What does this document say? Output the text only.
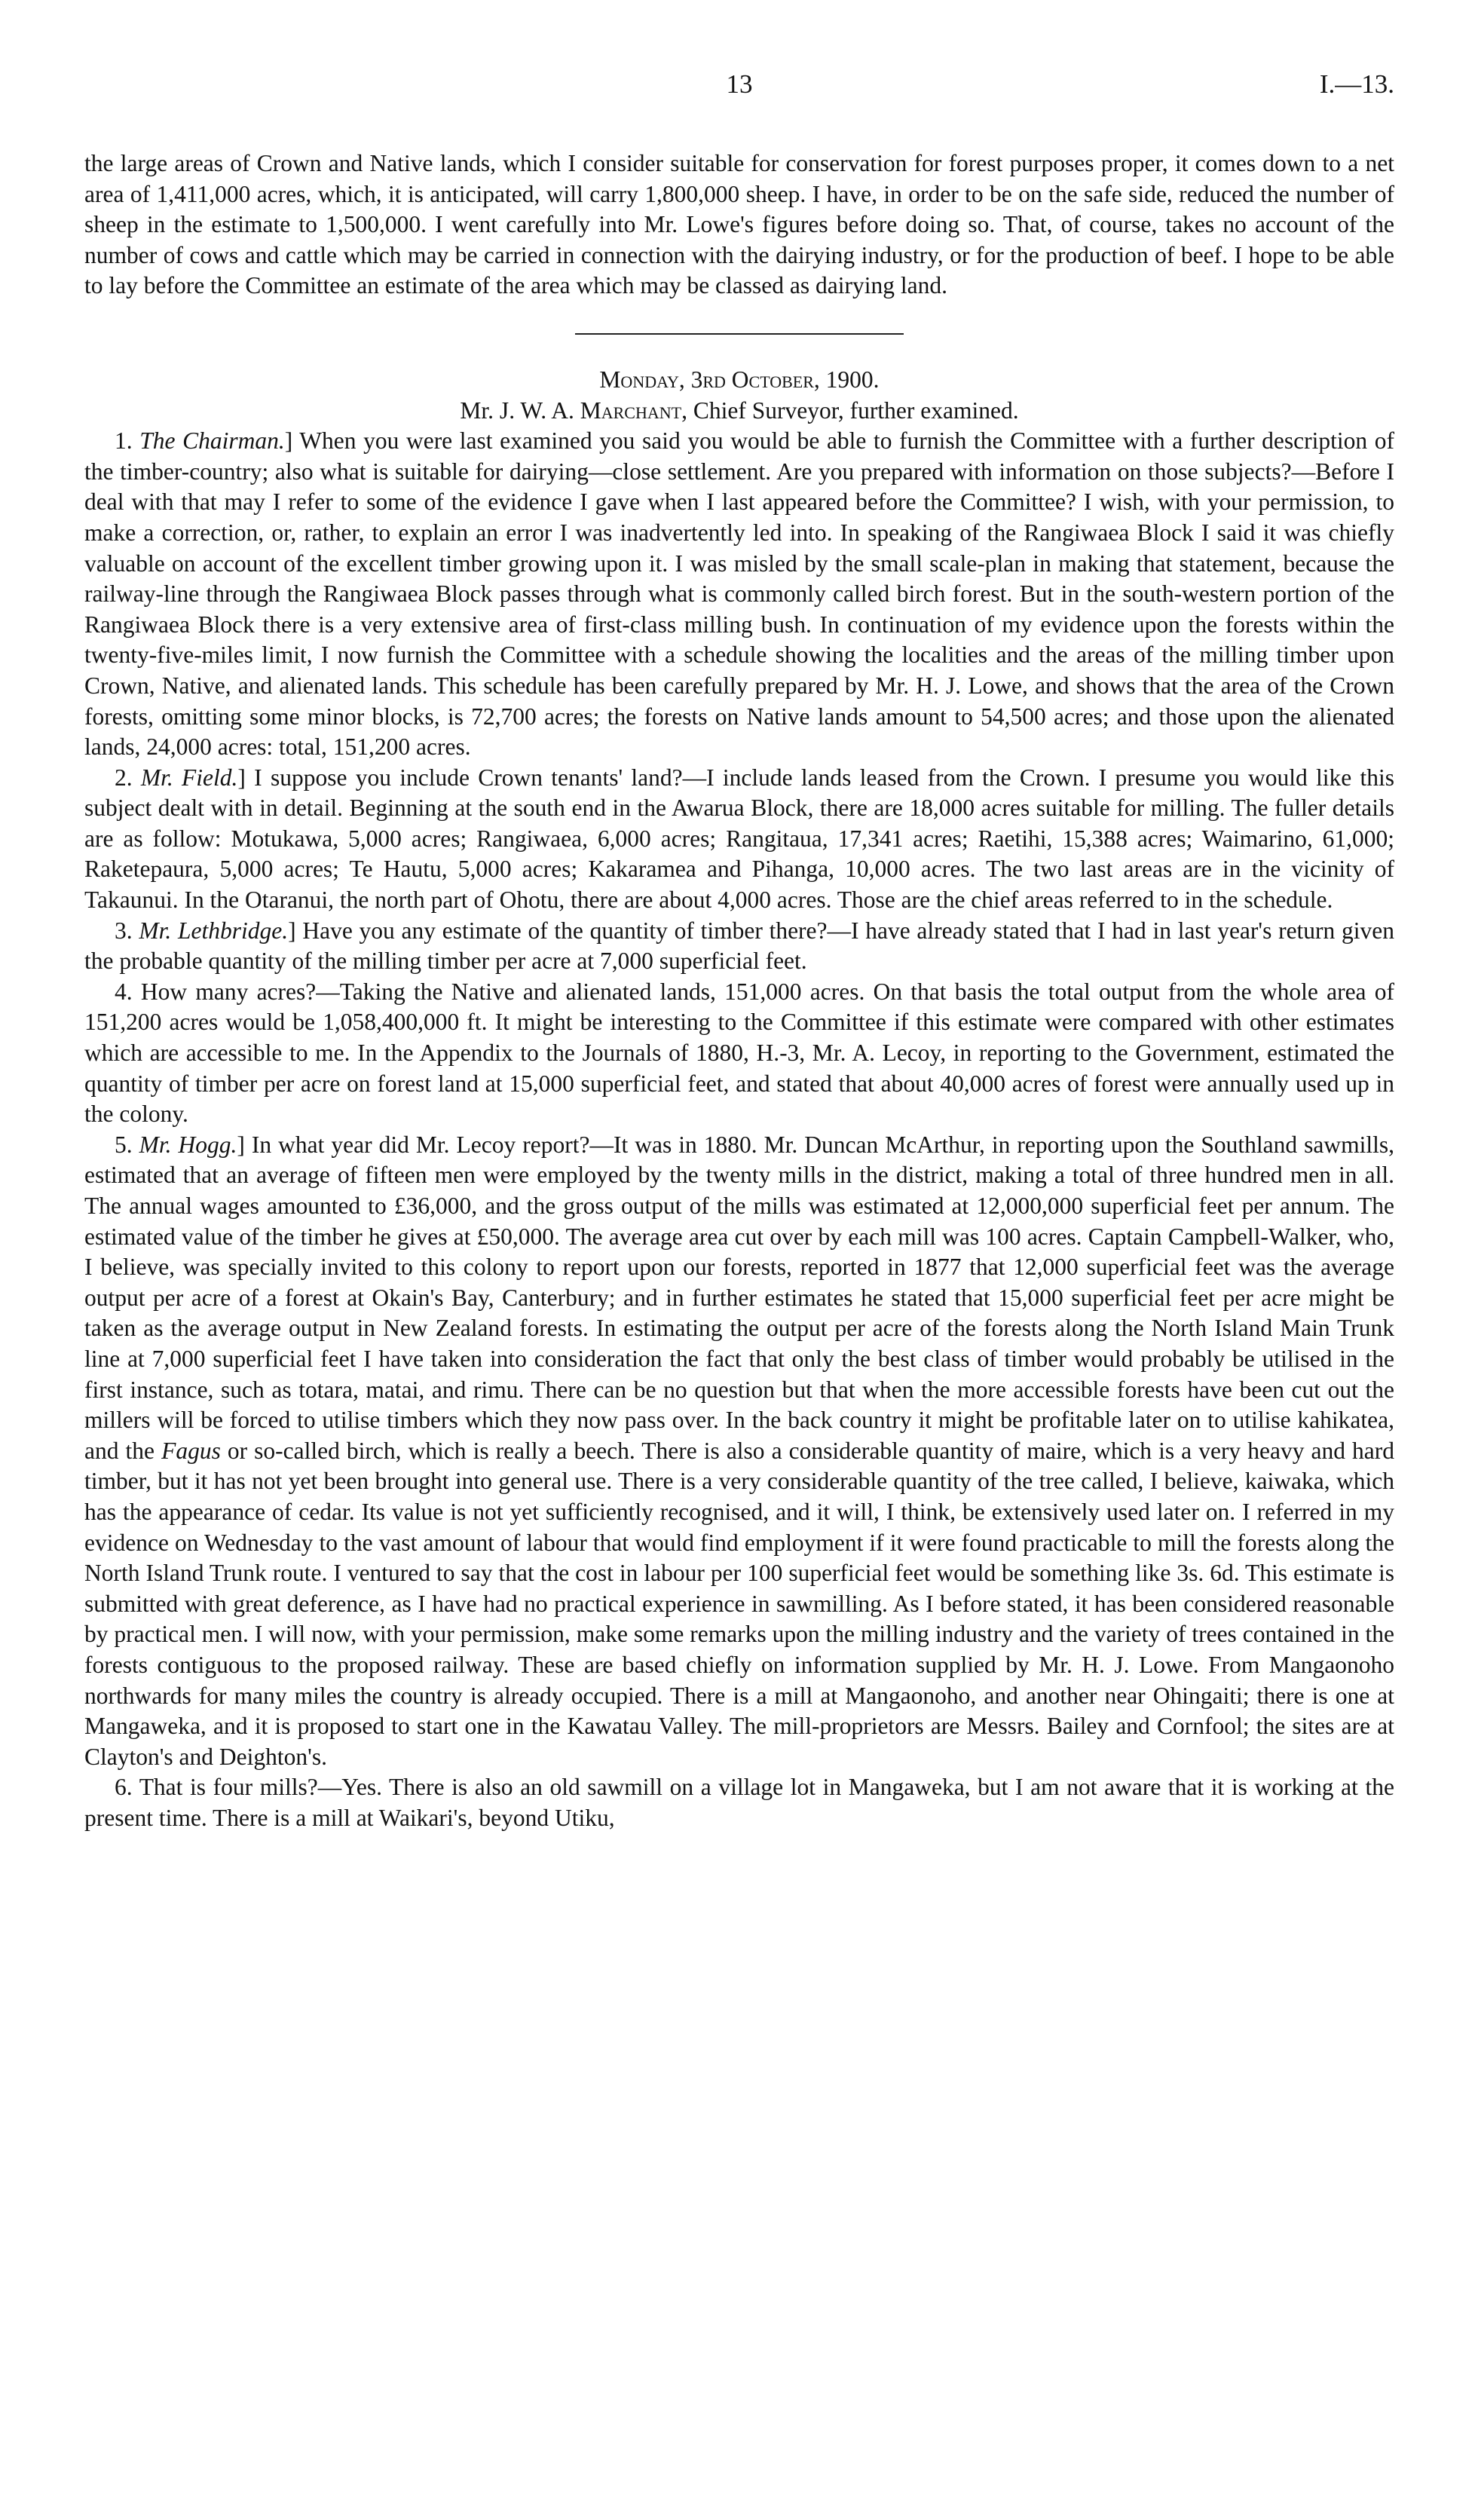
13	I.—13.

the large areas of Crown and Native lands, which I consider suitable for conservation for forest purposes proper, it comes down to a net area of 1,411,000 acres, which, it is anticipated, will carry 1,800,000 sheep. I have, in order to be on the safe side, reduced the number of sheep in the estimate to 1,500,000. I went carefully into Mr. Lowe's figures before doing so. That, of course, takes no account of the number of cows and cattle which may be carried in connection with the dairying industry, or for the production of beef. I hope to be able to lay before the Committee an estimate of the area which may be classed as dairying land.

Monday, 3rd October, 1900.

Mr. J. W. A. Marchant, Chief Surveyor, further examined.

1. The Chairman.] When you were last examined you said you would be able to furnish the Committee with a further description of the timber-country; also what is suitable for dairying—close settlement. Are you prepared with information on those subjects?—Before I deal with that may I refer to some of the evidence I gave when I last appeared before the Committee? I wish, with your permission, to make a correction, or, rather, to explain an error I was inadvertently led into. In speaking of the Rangiwaea Block I said it was chiefly valuable on account of the excellent timber growing upon it. I was misled by the small scale-plan in making that statement, because the railway-line through the Rangiwaea Block passes through what is commonly called birch forest. But in the south-western portion of the Rangiwaea Block there is a very extensive area of first-class milling bush. In continuation of my evidence upon the forests within the twenty-five-miles limit, I now furnish the Committee with a schedule showing the localities and the areas of the milling timber upon Crown, Native, and alienated lands. This schedule has been carefully prepared by Mr. H. J. Lowe, and shows that the area of the Crown forests, omitting some minor blocks, is 72,700 acres; the forests on Native lands amount to 54,500 acres; and those upon the alienated lands, 24,000 acres: total, 151,200 acres.

2. Mr. Field.] I suppose you include Crown tenants' land?—I include lands leased from the Crown. I presume you would like this subject dealt with in detail. Beginning at the south end in the Awarua Block, there are 18,000 acres suitable for milling. The fuller details are as follow: Motukawa, 5,000 acres; Rangiwaea, 6,000 acres; Rangitaua, 17,341 acres; Raetihi, 15,388 acres; Waimarino, 61,000; Raketepaura, 5,000 acres; Te Hautu, 5,000 acres; Kakaramea and Pihanga, 10,000 acres. The two last areas are in the vicinity of Takaunui. In the Otaranui, the north part of Ohotu, there are about 4,000 acres. Those are the chief areas referred to in the schedule.

3. Mr. Lethbridge.] Have you any estimate of the quantity of timber there?—I have already stated that I had in last year's return given the probable quantity of the milling timber per acre at 7,000 superficial feet.

4. How many acres?—Taking the Native and alienated lands, 151,000 acres. On that basis the total output from the whole area of 151,200 acres would be 1,058,400,000 ft. It might be interesting to the Committee if this estimate were compared with other estimates which are accessible to me. In the Appendix to the Journals of 1880, H.-3, Mr. A. Lecoy, in reporting to the Government, estimated the quantity of timber per acre on forest land at 15,000 superficial feet, and stated that about 40,000 acres of forest were annually used up in the colony.

5. Mr. Hogg.] In what year did Mr. Lecoy report?—It was in 1880. Mr. Duncan McArthur, in reporting upon the Southland sawmills, estimated that an average of fifteen men were employed by the twenty mills in the district, making a total of three hundred men in all. The annual wages amounted to £36,000, and the gross output of the mills was estimated at 12,000,000 superficial feet per annum. The estimated value of the timber he gives at £50,000. The average area cut over by each mill was 100 acres. Captain Campbell-Walker, who, I believe, was specially invited to this colony to report upon our forests, reported in 1877 that 12,000 superficial feet was the average output per acre of a forest at Okain's Bay, Canterbury; and in further estimates he stated that 15,000 superficial feet per acre might be taken as the average output in New Zealand forests. In estimating the output per acre of the forests along the North Island Main Trunk line at 7,000 superficial feet I have taken into consideration the fact that only the best class of timber would probably be utilised in the first instance, such as totara, matai, and rimu. There can be no question but that when the more accessible forests have been cut out the millers will be forced to utilise timbers which they now pass over. In the back country it might be profitable later on to utilise kahikatea, and the Fagus or so-called birch, which is really a beech. There is also a considerable quantity of maire, which is a very heavy and hard timber, but it has not yet been brought into general use. There is a very considerable quantity of the tree called, I believe, kaiwaka, which has the appearance of cedar. Its value is not yet sufficiently recognised, and it will, I think, be extensively used later on. I referred in my evidence on Wednesday to the vast amount of labour that would find employment if it were found practicable to mill the forests along the North Island Trunk route. I ventured to say that the cost in labour per 100 superficial feet would be something like 3s. 6d. This estimate is submitted with great deference, as I have had no practical experience in sawmilling. As I before stated, it has been considered reasonable by practical men. I will now, with your permission, make some remarks upon the milling industry and the variety of trees contained in the forests contiguous to the proposed railway. These are based chiefly on information supplied by Mr. H. J. Lowe. From Mangaonoho northwards for many miles the country is already occupied. There is a mill at Mangaonoho, and another near Ohingaiti; there is one at Mangaweka, and it is proposed to start one in the Kawatau Valley. The mill-proprietors are Messrs. Bailey and Cornfool; the sites are at Clayton's and Deighton's.

6. That is four mills?—Yes. There is also an old sawmill on a village lot in Mangaweka, but I am not aware that it is working at the present time. There is a mill at Waikari's, beyond Utiku,
